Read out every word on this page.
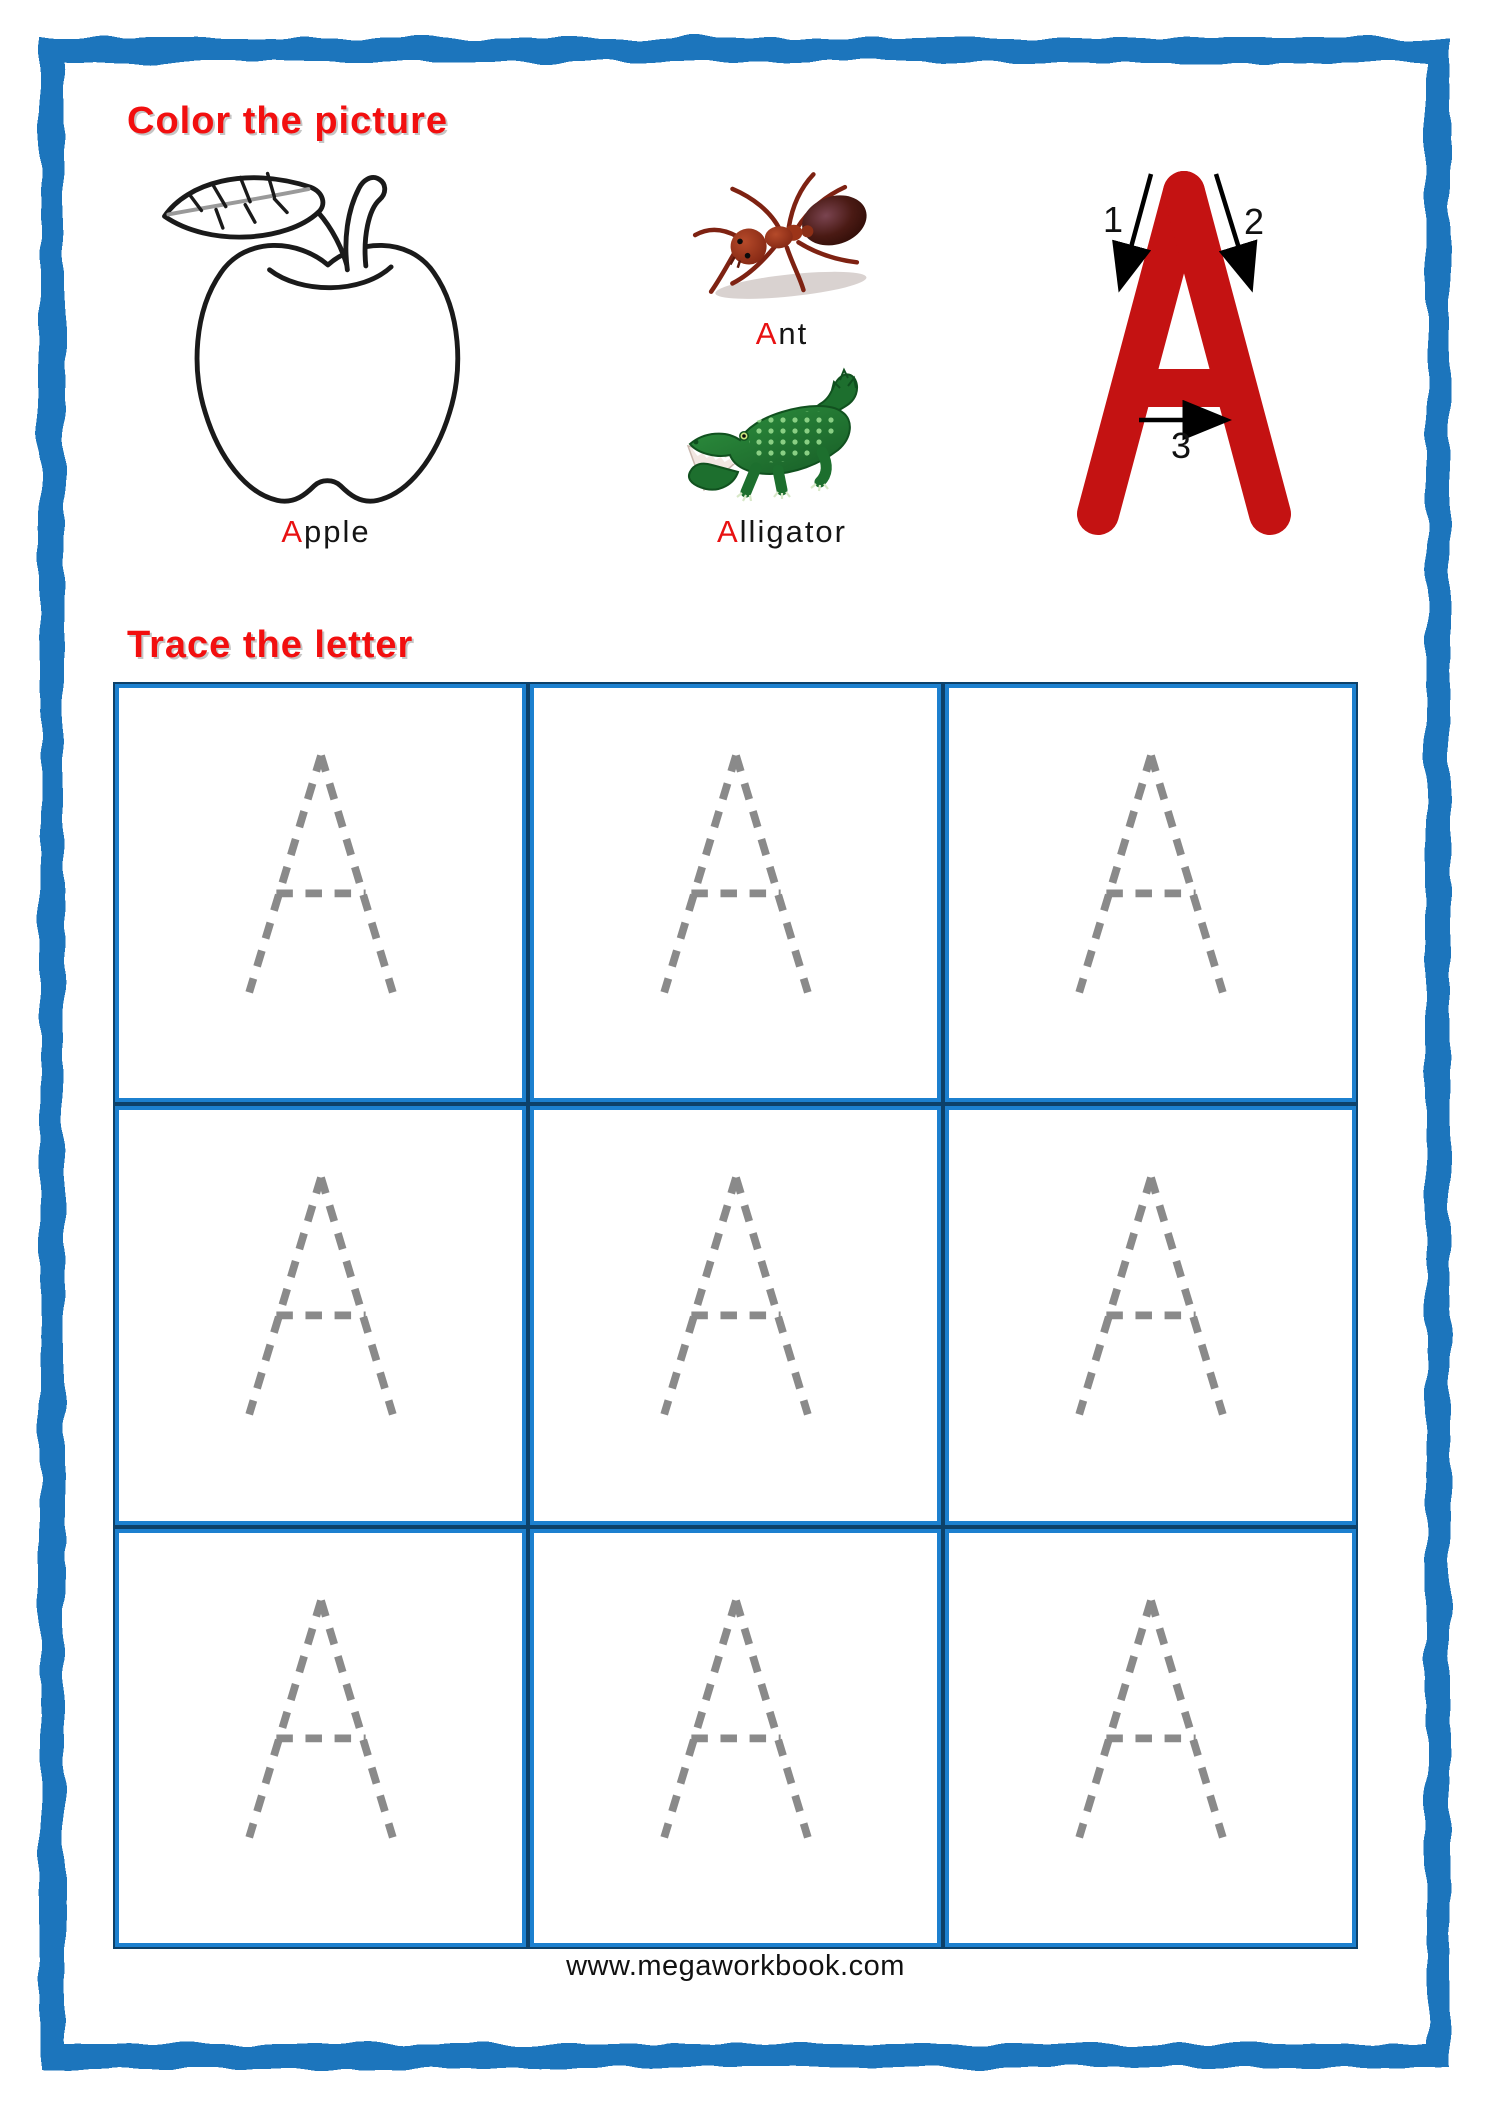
Color the picture
Trace the letter
Apple
Ant
Alligator
1	2
3
www.megaworkbook.com
